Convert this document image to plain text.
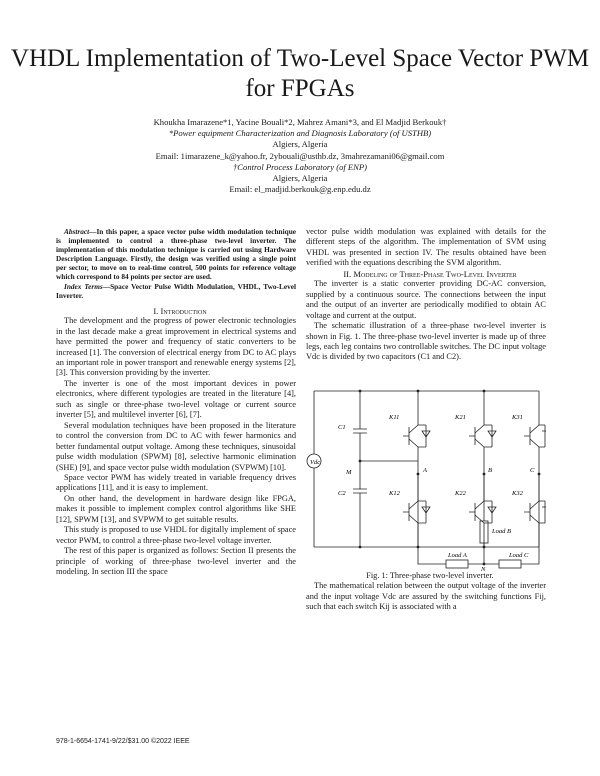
VHDL Implementation of Two-Level Space Vector PWM for FPGAs
Khoukha Imarazene*1, Yacine Bouali*2, Mahrez Amani*3, and El Madjid Berkouk†
*Power equipment Characterization and Diagnosis Laboratory (of USTHB)
Algiers, Algeria
Email: 1imarazene_k@yahoo.fr, 2ybouali@usthb.dz, 3mahrezamani06@gmail.com
†Control Process Laboratory (of ENP)
Algiers, Algeria
Email: el_madjid.berkouk@g.enp.edu.dz

Abstract—In this paper, a space vector pulse width modulation technique is implemented to control a three-phase two-level inverter. The implementation of this modulation technique is carried out using Hardware Description Language. Firstly, the design was verified using a single point per sector, to move on to real-time control, 500 points for reference voltage which correspond to 84 points per sector are used.

Index Terms—Space Vector Pulse Width Modulation, VHDL, Two-Level Inverter.

I. Introduction

The development and the progress of power electronic technologies in the last decade make a great improvement in electrical systems and have permitted the power and frequency of static converters to be increased [1]. The conversion of electrical energy from DC to AC plays an important role in power transport and renewable energy systems [2], [3]. This conversion providing by the inverter.

The inverter is one of the most important devices in power electronics, where different typologies are treated in the literature [4], such as single or three-phase two-level voltage or current source inverter [5], and multilevel inverter [6], [7].

Several modulation techniques have been proposed in the literature to control the conversion from DC to AC with fewer harmonics and better fundamental output voltage. Among these techniques, sinusoidal pulse width modulation (SPWM) [8], selective harmonic elimination (SHE) [9], and space vector pulse width modulation (SVPWM) [10].

Space vector PWM has widely treated in variable frequency drives applications [11], and it is easy to implement.

On other hand, the development in hardware design like FPGA, makes it possible to implement complex control algorithms like SHE [12], SPWM [13], and SVPWM to get suitable results.

This study is proposed to use VHDL for digitally implement of space vector PWM, to control a three-phase two-level voltage inverter.

The rest of this paper is organized as follows: Section II presents the principle of working of three-phase two-level inverter and the modeling. In section III the space

vector pulse width modulation was explained with details for the different steps of the algorithm. The implementation of SVM using VHDL was presented in section IV. The results obtained have been verified with the equations describing the SVM algorithm.

II. Modeling of Three-Phase Two-Level Inverter

The inverter is a static converter providing DC-AC conversion, supplied by a continuous source. The connections between the input and the output of an inverter are periodically modified to obtain AC voltage and current at the output.

The schematic illustration of a three-phase two-level inverter is shown in Fig. 1. The three-phase two-level inverter is made up of three legs, each leg contains two controllable switches. The DC input voltage Vdc is divided by two capacitors (C1 and C2).

Vdc
C1
C2
M
K11
K12
K21
K22
K31
K32
A	B	C
Load B
Load A	Load C
N

Fig. 1: Three-phase two-level inverter.

The mathematical relation between the output voltage of the inverter and the input voltage Vdc are assured by the switching functions Fij, such that each switch Kij is associated with a

978-1-6654-1741-9/22/$31.00 ©2022 IEEE
